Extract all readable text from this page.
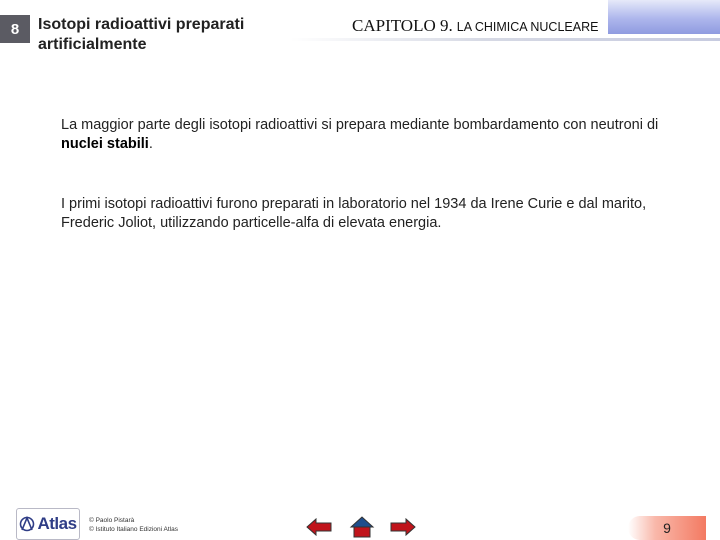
8	Isotopi radioattivi preparati artificialmente
CAPITOLO 9. LA CHIMICA NUCLEARE
La maggior parte degli isotopi radioattivi si prepara mediante bombardamento con neutroni di nuclei stabili.
I primi isotopi radioattivi furono preparati in laboratorio nel 1934 da Irene Curie e dal marito, Frederic Joliot, utilizzando particelle-alfa di elevata energia.
Atlas © Paolo Pistarà
© Istituto Italiano Edizioni Atlas	9
